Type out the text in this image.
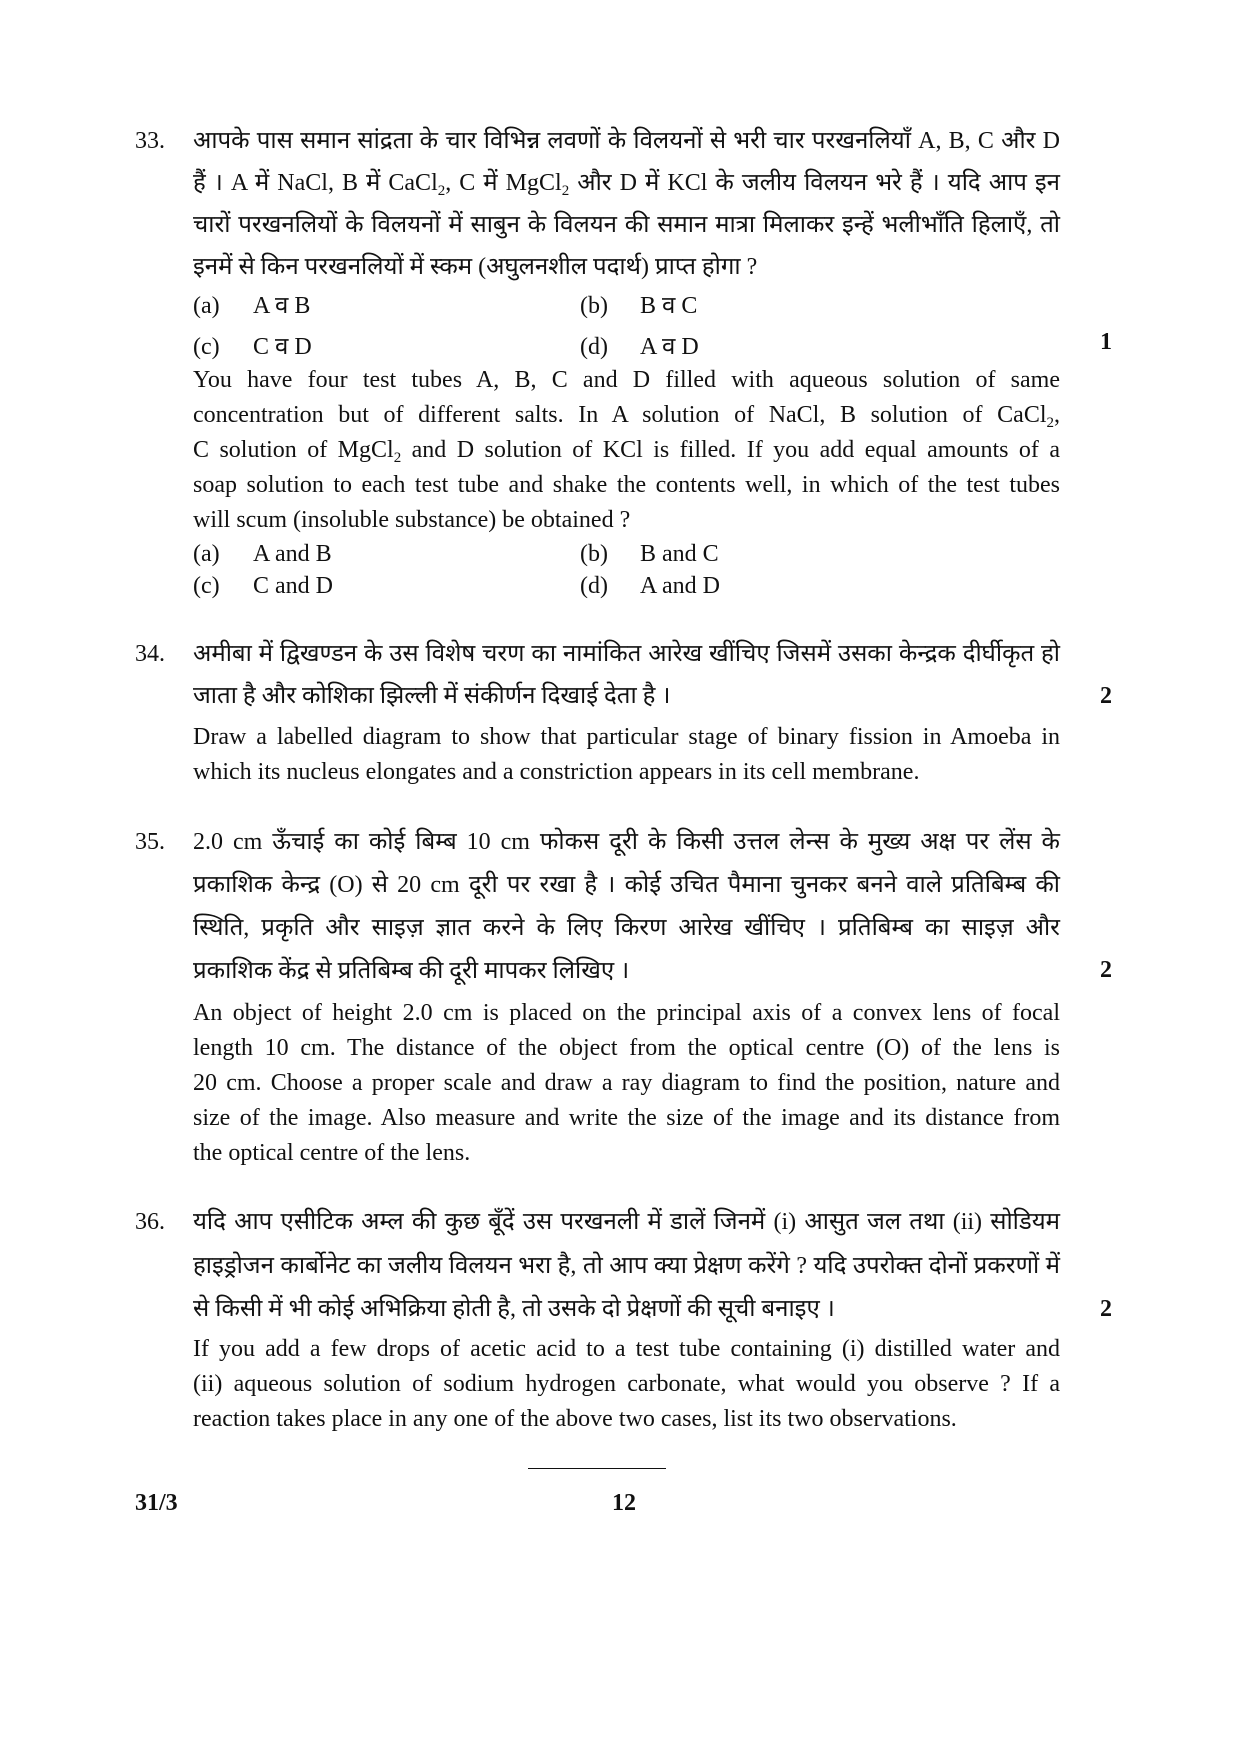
33. आपके पास समान सांद्रता के चार विभिन्न लवणों के विलयनों से भरी चार परखनलियाँ A, B, C और D
हैं । A में NaCl, B में CaCl$_2$, C में MgCl$_2$ और D में KCl के जलीय विलयन भरे हैं । यदि आप इन
चारों परखनलियों के विलयनों में साबुन के विलयन की समान मात्रा मिलाकर इन्हें भलीभाँति हिलाएँ, तो
इनमें से किन परखनलियों में स्कम (अघुलनशील पदार्थ) प्राप्त होगा ?
(a) A व B	(b) B व C
(c) C व D	(d) A व D	1
You have four test tubes A, B, C and D filled with aqueous solution of same
concentration but of different salts. In A solution of NaCl, B solution of CaCl$_2$,
C solution of MgCl$_2$ and D solution of KCl is filled. If you add equal amounts of a
soap solution to each test tube and shake the contents well, in which of the test tubes
will scum (insoluble substance) be obtained ?
(a) A and B	(b) B and C
(c) C and D	(d) A and D
34. अमीबा में द्विखण्डन के उस विशेष चरण का नामांकित आरेख खींचिए जिसमें उसका केन्द्रक दीर्घीकृत हो
जाता है और कोशिका झिल्ली में संकीर्णन दिखाई देता है ।	2
Draw a labelled diagram to show that particular stage of binary fission in Amoeba in
which its nucleus elongates and a constriction appears in its cell membrane.
35. 2.0 cm ऊँचाई का कोई बिम्ब 10 cm फोकस दूरी के किसी उत्तल लेन्स के मुख्य अक्ष पर लेंस के
प्रकाशिक केन्द्र (O) से 20 cm दूरी पर रखा है । कोई उचित पैमाना चुनकर बनने वाले प्रतिबिम्ब की
स्थिति, प्रकृति और साइज़ ज्ञात करने के लिए किरण आरेख खींचिए । प्रतिबिम्ब का साइज़ और
प्रकाशिक केंद्र से प्रतिबिम्ब की दूरी मापकर लिखिए ।	2
An object of height 2.0 cm is placed on the principal axis of a convex lens of focal
length 10 cm. The distance of the object from the optical centre (O) of the lens is
20 cm. Choose a proper scale and draw a ray diagram to find the position, nature and
size of the image. Also measure and write the size of the image and its distance from
the optical centre of the lens.
36. यदि आप एसीटिक अम्ल की कुछ बूँदें उस परखनली में डालें जिनमें (i) आसुत जल तथा (ii) सोडियम
हाइड्रोजन कार्बोनेट का जलीय विलयन भरा है, तो आप क्या प्रेक्षण करेंगे ? यदि उपरोक्त दोनों प्रकरणों में
से किसी में भी कोई अभिक्रिया होती है, तो उसके दो प्रेक्षणों की सूची बनाइए ।	2
If you add a few drops of acetic acid to a test tube containing (i) distilled water and
(ii) aqueous solution of sodium hydrogen carbonate, what would you observe ? If a
reaction takes place in any one of the above two cases, list its two observations.
31/3	12
